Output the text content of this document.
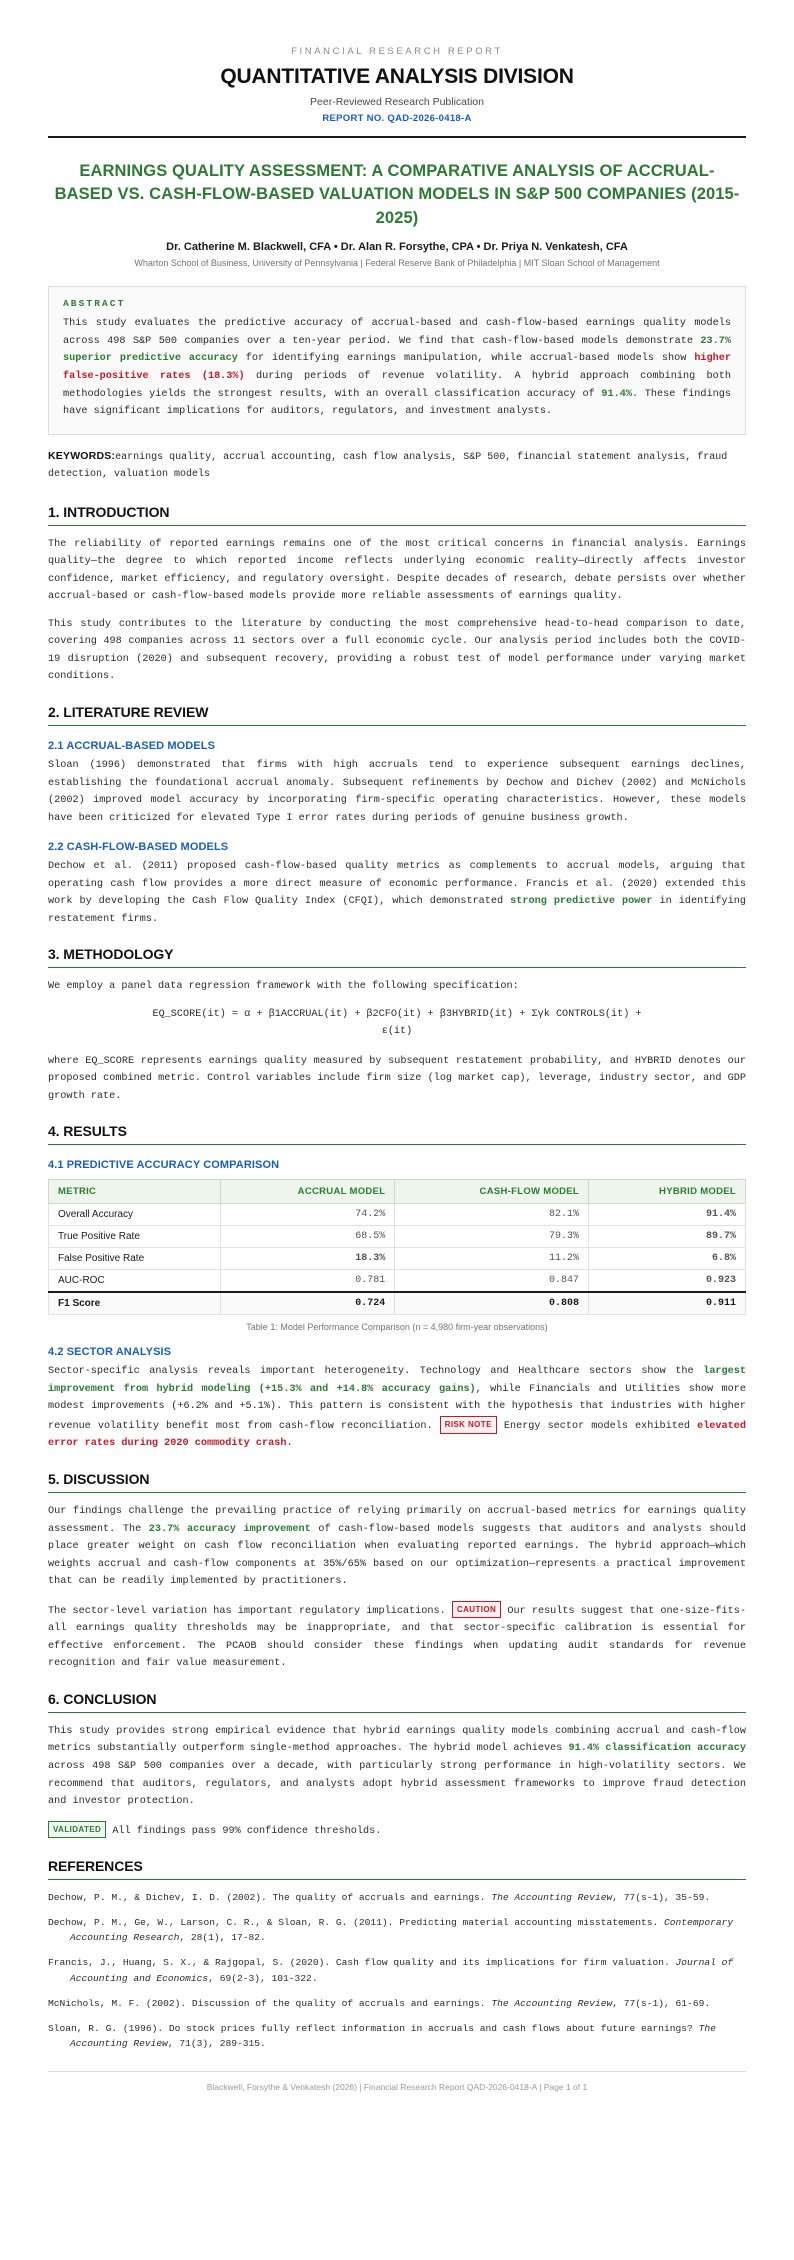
FINANCIAL RESEARCH REPORT
QUANTITATIVE ANALYSIS DIVISION
Peer-Reviewed Research Publication
REPORT NO. QAD-2026-0418-A
EARNINGS QUALITY ASSESSMENT: A COMPARATIVE ANALYSIS OF ACCRUAL-BASED VS. CASH-FLOW-BASED VALUATION MODELS IN S&P 500 COMPANIES (2015-2025)
Dr. Catherine M. Blackwell, CFA • Dr. Alan R. Forsythe, CPA • Dr. Priya N. Venkatesh, CFA
Wharton School of Business, University of Pennsylvania | Federal Reserve Bank of Philadelphia | MIT Sloan School of Management
ABSTRACT

This study evaluates the predictive accuracy of accrual-based and cash-flow-based earnings quality models across 498 S&P 500 companies over a ten-year period. We find that cash-flow-based models demonstrate 23.7% superior predictive accuracy for identifying earnings manipulation, while accrual-based models show higher false-positive rates (18.3%) during periods of revenue volatility. A hybrid approach combining both methodologies yields the strongest results, with an overall classification accuracy of 91.4%. These findings have significant implications for auditors, regulators, and investment analysts.

KEYWORDS:earnings quality, accrual accounting, cash flow analysis, S&P 500, financial statement analysis, fraud detection, valuation models
1. INTRODUCTION

The reliability of reported earnings remains one of the most critical concerns in financial analysis. Earnings quality—the degree to which reported income reflects underlying economic reality—directly affects investor confidence, market efficiency, and regulatory oversight. Despite decades of research, debate persists over whether accrual-based or cash-flow-based models provide more reliable assessments of earnings quality.

This study contributes to the literature by conducting the most comprehensive head-to-head comparison to date, covering 498 companies across 11 sectors over a full economic cycle. Our analysis period includes both the COVID-19 disruption (2020) and subsequent recovery, providing a robust test of model performance under varying market conditions.

2. LITERATURE REVIEW
2.1 ACCRUAL-BASED MODELS

Sloan (1996) demonstrated that firms with high accruals tend to experience subsequent earnings declines, establishing the foundational accrual anomaly. Subsequent refinements by Dechow and Dichev (2002) and McNichols (2002) improved model accuracy by incorporating firm-specific operating characteristics. However, these models have been criticized for elevated Type I error rates during periods of genuine business growth.

2.2 CASH-FLOW-BASED MODELS

Dechow et al. (2011) proposed cash-flow-based quality metrics as complements to accrual models, arguing that operating cash flow provides a more direct measure of economic performance. Francis et al. (2020) extended this work by developing the Cash Flow Quality Index (CFQI), which demonstrated strong predictive power in identifying restatement firms.

3. METHODOLOGY

We employ a panel data regression framework with the following specification:

EQ_SCORE(it) = α + β1ACCRUAL(it) + β2CFO(it) + β3HYBRID(it) + Σγk CONTROLS(it) +
ε(it)

where EQ_SCORE represents earnings quality measured by subsequent restatement probability, and HYBRID denotes our proposed combined metric. Control variables include firm size (log market cap), leverage, industry sector, and GDP growth rate.

4. RESULTS
4.1 PREDICTIVE ACCURACY COMPARISON
METRIC	ACCRUAL MODEL	CASH-FLOW MODEL	HYBRID MODEL
Overall Accuracy	74.2%	82.1%	91.4%
True Positive Rate	68.5%	79.3%	89.7%
False Positive Rate	18.3%	11.2%	6.8%
AUC-ROC	0.781	0.847	0.923
F1 Score	0.724	0.808	0.911
Table 1: Model Performance Comparison (n = 4,980 firm-year observations)
4.2 SECTOR ANALYSIS

Sector-specific analysis reveals important heterogeneity. Technology and Healthcare sectors show the largest improvement from hybrid modeling (+15.3% and +14.8% accuracy gains), while Financials and Utilities show more modest improvements (+6.2% and +5.1%). This pattern is consistent with the hypothesis that industries with higher revenue volatility benefit most from cash-flow reconciliation. RISK NOTE Energy sector models exhibited elevated error rates during 2020 commodity crash.

5. DISCUSSION

Our findings challenge the prevailing practice of relying primarily on accrual-based metrics for earnings quality assessment. The 23.7% accuracy improvement of cash-flow-based models suggests that auditors and analysts should place greater weight on cash flow reconciliation when evaluating reported earnings. The hybrid approach—which weights accrual and cash-flow components at 35%/65% based on our optimization—represents a practical improvement that can be readily implemented by practitioners.

The sector-level variation has important regulatory implications. CAUTION Our results suggest that one-size-fits-all earnings quality thresholds may be inappropriate, and that sector-specific calibration is essential for effective enforcement. The PCAOB should consider these findings when updating audit standards for revenue recognition and fair value measurement.

6. CONCLUSION

This study provides strong empirical evidence that hybrid earnings quality models combining accrual and cash-flow metrics substantially outperform single-method approaches. The hybrid model achieves 91.4% classification accuracy across 498 S&P 500 companies over a decade, with particularly strong performance in high-volatility sectors. We recommend that auditors, regulators, and analysts adopt hybrid assessment frameworks to improve fraud detection and investor protection.

VALIDATED All findings pass 99% confidence thresholds.

REFERENCES

Dechow, P. M., & Dichev, I. D. (2002). The quality of accruals and earnings. The Accounting Review, 77(s-1), 35-59.

Dechow, P. M., Ge, W., Larson, C. R., & Sloan, R. G. (2011). Predicting material accounting misstatements. Contemporary Accounting Research, 28(1), 17-82.

Francis, J., Huang, S. X., & Rajgopal, S. (2020). Cash flow quality and its implications for firm valuation. Journal of Accounting and Economics, 69(2-3), 101-322.

McNichols, M. F. (2002). Discussion of the quality of accruals and earnings. The Accounting Review, 77(s-1), 61-69.

Sloan, R. G. (1996). Do stock prices fully reflect information in accruals and cash flows about future earnings? The Accounting Review, 71(3), 289-315.

Blackwell, Forsythe & Venkatesh (2026) | Financial Research Report QAD-2026-0418-A | Page 1 of 1
